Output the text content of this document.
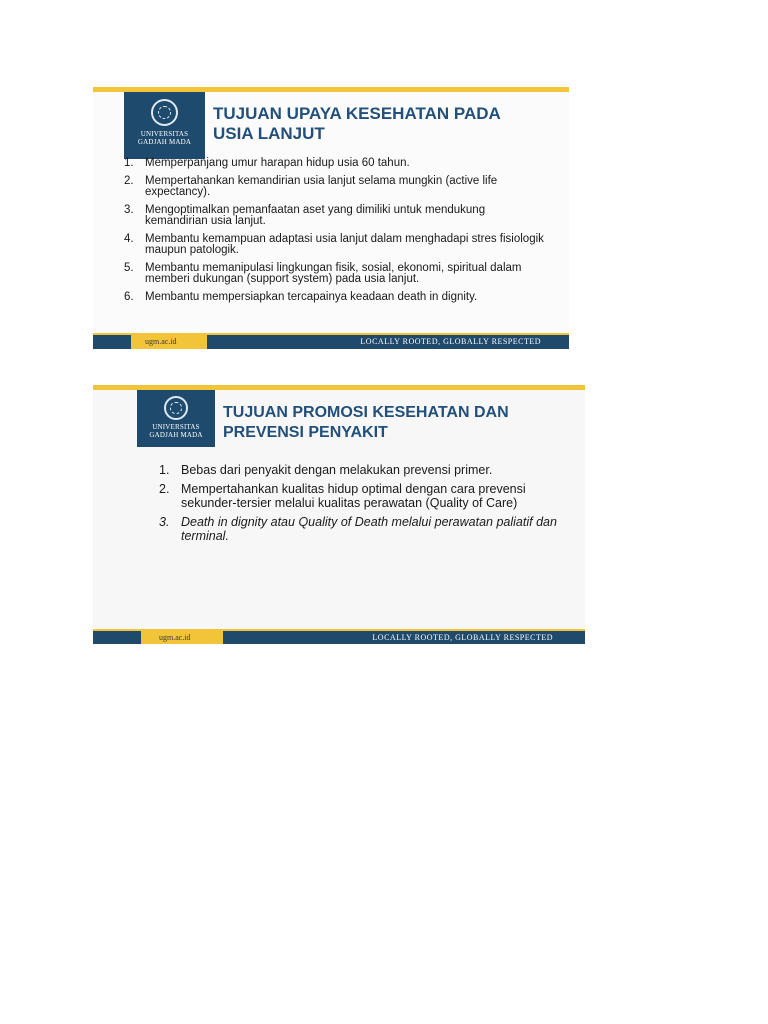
UNIVERSITAS
GADJAH MADA
TUJUAN UPAYA KESEHATAN PADA
USIA LANJUT
1. Memperpanjang umur harapan hidup usia 60 tahun.
2. Mempertahankan kemandirian usia lanjut selama mungkin (active life expectancy).
3. Mengoptimalkan pemanfaatan aset yang dimiliki untuk mendukung kemandirian usia lanjut.
4. Membantu kemampuan adaptasi usia lanjut dalam menghadapi stres fisiologik maupun patologik.
5. Membantu memanipulasi lingkungan fisik, sosial, ekonomi, spiritual dalam memberi dukungan (support system) pada usia lanjut.
6. Membantu mempersiapkan tercapainya keadaan death in dignity.
ugm.ac.id	LOCALLY ROOTED, GLOBALLY RESPECTED
UNIVERSITAS
GADJAH MADA
TUJUAN PROMOSI KESEHATAN DAN
PREVENSI PENYAKIT
1. Bebas dari penyakit dengan melakukan prevensi primer.
2. Mempertahankan kualitas hidup optimal dengan cara prevensi sekunder-tersier melalui kualitas perawatan (Quality of Care)
3. Death in dignity atau Quality of Death melalui perawatan paliatif dan terminal.
ugm.ac.id	LOCALLY ROOTED, GLOBALLY RESPECTED
